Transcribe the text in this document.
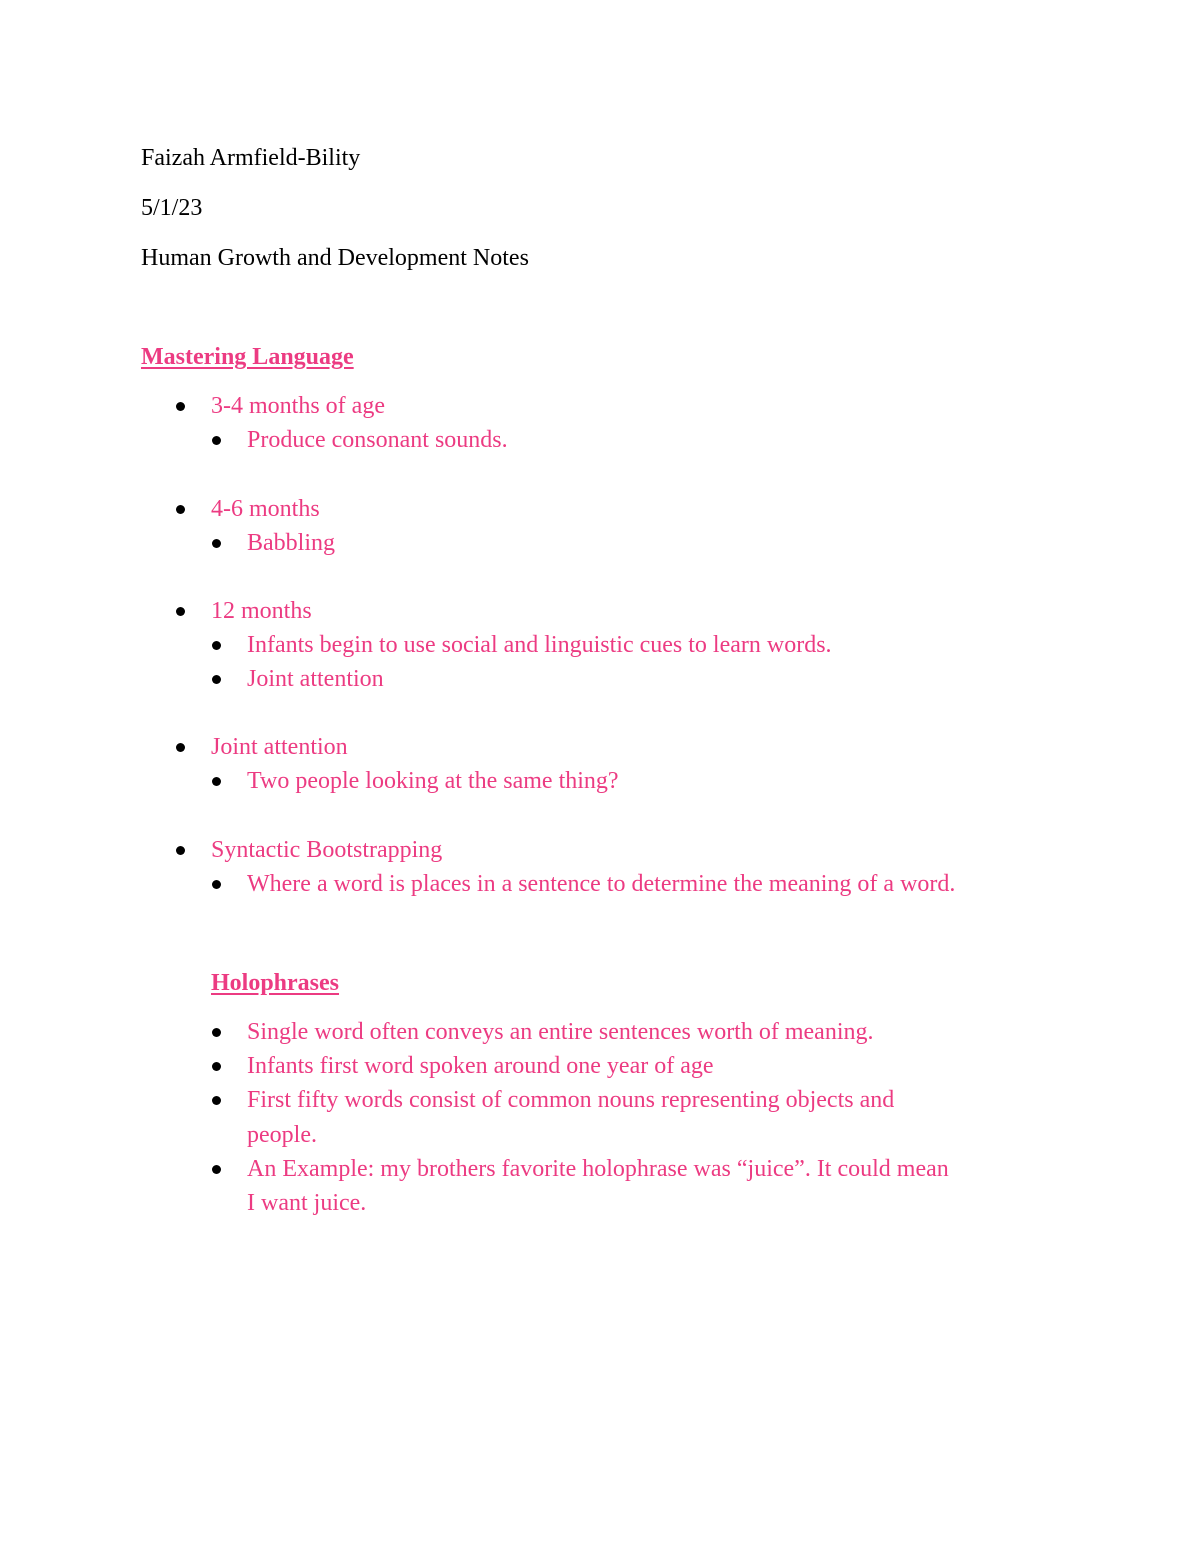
Faizah Armfield-Bility
5/1/23
Human Growth and Development Notes
Mastering Language
3-4 months of age
Produce consonant sounds.
4-6 months
Babbling
12 months
Infants begin to use social and linguistic cues to learn words.
Joint attention
Joint attention
Two people looking at the same thing?
Syntactic Bootstrapping
Where a word is places in a sentence to determine the meaning of a word.
Holophrases
Single word often conveys an entire sentences worth of meaning.
Infants first word spoken around one year of age
First fifty words consist of common nouns representing objects and
people.
An Example: my brothers favorite holophrase was “juice”. It could mean
I want juice.
